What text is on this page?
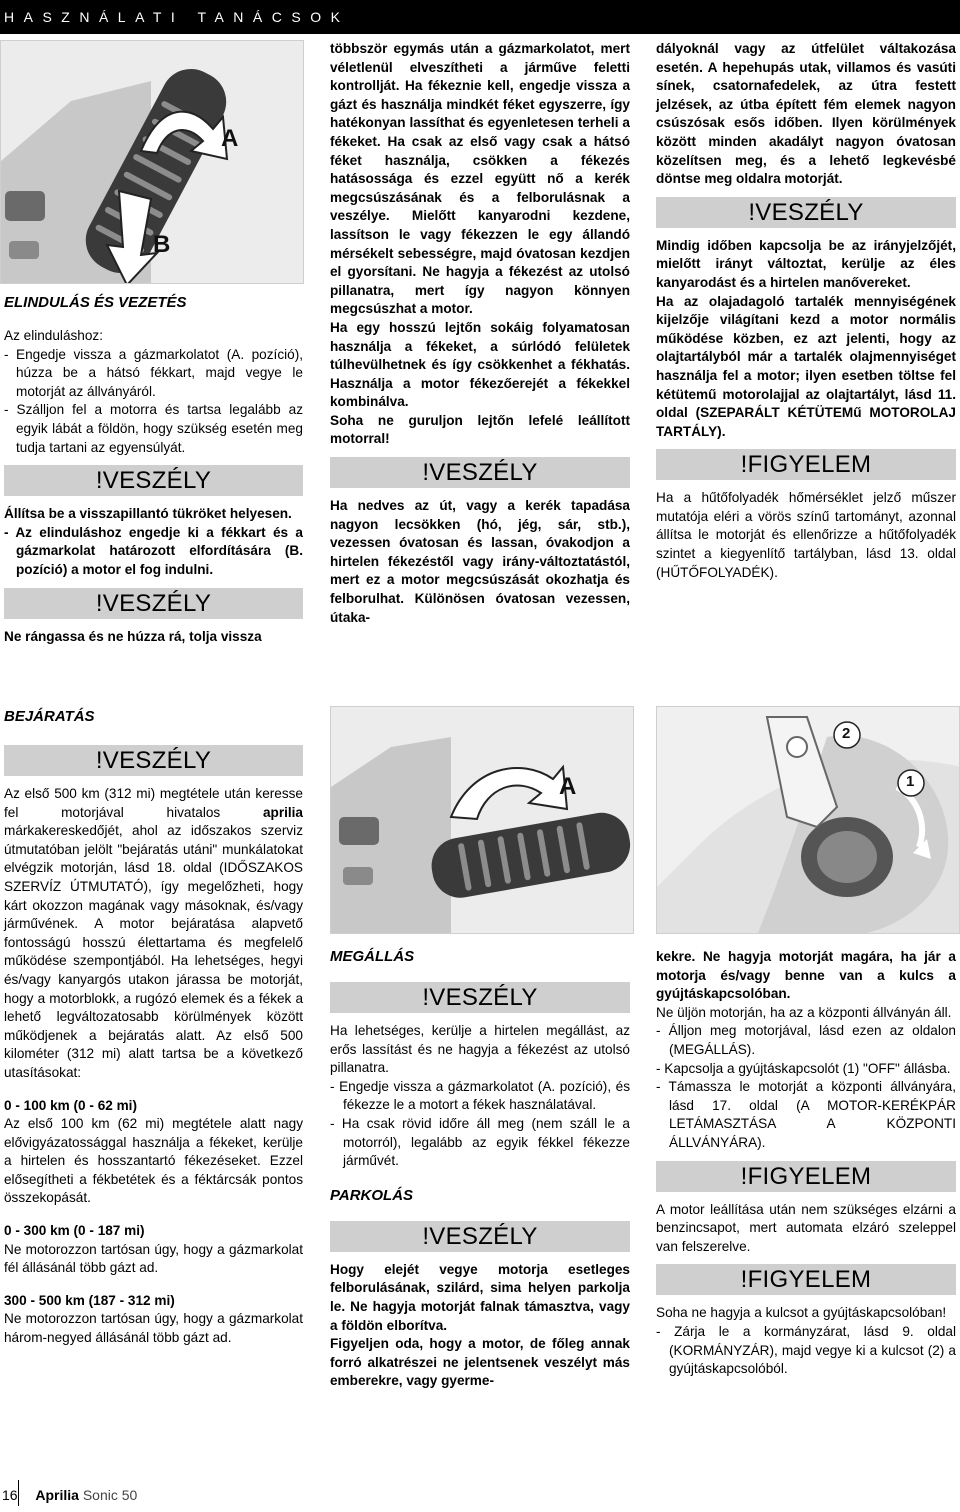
HASZNÁLATI TANÁCSOK
A
B

ELINDULÁS ÉS VEZETÉS

Az elinduláshoz:

- Engedje vissza a gázmarkolatot (A. pozíció), húzza be a hátsó fékkart, majd vegye le motorját az állványáról.

- Szálljon fel a motorra és tartsa legalább az egyik lábát a földön, hogy szükség esetén meg tudja tartani az egyensúlyát.

!VESZÉLY

Állítsa be a visszapillantó tükröket helyesen.

- Az elinduláshoz engedje ki a fékkart és a gázmarkolat határozott elfordítására (B. pozíció) a motor el fog indulni.

!VESZÉLY

Ne rángassa és ne húzza rá, tolja vissza

többször egymás után a gázmarkolatot, mert véletlenül elveszítheti a járműve feletti kontrollját. Ha fékeznie kell, engedje vissza a gázt és használja mindkét féket egyszerre, így hatékonyan lassíthat és egyenletesen terheli a fékeket. Ha csak az első vagy csak a hátsó féket használja, csökken a fékezés hatásossága és ezzel együtt nő a kerék megcsúszásának és a felborulásnak a veszélye. Mielőtt kanyarodni kezdene, lassítson le vagy fékezzen le egy állandó mérsékelt sebességre, majd óvatosan kezdjen el gyorsítani. Ne hagyja a fékezést az utolsó pillanatra, mert így nagyon könnyen megcsúszhat a motor.

Ha egy hosszú lejtőn sokáig folyamatosan használja a fékeket, a súrlódó felületek túlhevülhetnek és így csökkenhet a fékhatás. Használja a motor fékezőerejét a fékekkel kombinálva.

Soha ne guruljon lejtőn lefelé leállított motorral!

!VESZÉLY

Ha nedves az út, vagy a kerék tapadása nagyon lecsökken (hó, jég, sár, stb.), vezessen óvatosan és lassan, óvakodjon a hirtelen fékezéstől vagy irány-változtatástól, mert ez a motor megcsúszását okozhatja és felborulhat. Különösen óvatosan vezessen, útaka-

dályoknál vagy az útfelület váltakozása esetén. A hepehupás utak, villamos és vasúti sínek, csatornafedelek, az útra festett jelzések, az útba épített fém elemek nagyon csúszósak esős időben. Ilyen körülmények között minden akadályt nagyon óvatosan közelítsen meg, és a lehető legkevésbé döntse meg oldalra motorját.

!VESZÉLY

Mindig időben kapcsolja be az irányjelzőjét, mielőtt irányt változtat, kerülje az éles kanyarodást és a hirtelen manővereket.

Ha az olajadagoló tartalék mennyiségének kijelzője világítani kezd a motor normális működése közben, ez azt jelenti, hogy az olajtartályból már a tartalék olajmennyiséget használja fel a motor; ilyen esetben töltse fel kétütemű motorolajjal az olajtartályt, lásd 11. oldal (SZEPARÁLT KÉTÜTEMű MOTOROLAJ TARTÁLY).

!FIGYELEM

Ha a hűtőfolyadék hőmérséklet jelző műszer mutatója eléri a vörös színű tartományt, azonnal állítsa le motorját és ellenőrizze a hűtőfolyadék szintet a kiegyenlítő tartályban, lásd 13. oldal (HŰTŐFOLYADÉK).

BEJÁRATÁS
!VESZÉLY

Az első 500 km (312 mi) megtétele után keresse fel motorjával hivatalos aprilia márkakereskedőjét, ahol az időszakos szerviz útmutatóban jelölt "bejáratás utáni" munkálatokat elvégzik motorján, lásd 18. oldal (IDŐSZAKOS SZERVÍZ ÚTMUTATÓ), így megelőzheti, hogy kárt okozzon magának vagy másoknak, és/vagy járművének. A motor bejáratása alapvető fontosságú hosszú élettartama és megfelelő működése szempontjából. Ha lehetséges, hegyi és/vagy kanyargós utakon járassa be motorját, hogy a motorblokk, a rugózó elemek és a fékek a lehető legváltozatosabb körülmények között működjenek a bejáratás alatt. Az első 500 kilométer (312 mi) alatt tartsa be a következő utasításokat:

0 - 100 km (0 - 62 mi)

Az első 100 km (62 mi) megtétele alatt nagy elővigyázatossággal használja a fékeket, kerülje a hirtelen és hosszantartó fékezéseket. Ezzel elősegítheti a fékbetétek és a féktárcsák pontos összekopását.

0 - 300 km (0 - 187 mi)

Ne motorozzon tartósan úgy, hogy a gázmarkolat fél állásánál több gázt ad.

300 - 500 km (187 - 312 mi)

Ne motorozzon tartósan úgy, hogy a gázmarkolat három-negyed állásánál több gázt ad.

A	1
2

MEGÁLLÁS

!VESZÉLY

Ha lehetséges, kerülje a hirtelen megállást, az erős lassítást és ne hagyja a fékezést az utolsó pillanatra.

- Engedje vissza a gázmarkolatot (A. pozíció), és fékezze le a motort a fékek használatával.

- Ha csak rövid időre áll meg (nem száll le a motorról), legalább az egyik fékkel fékezze járművét.

PARKOLÁS

!VESZÉLY

Hogy elejét vegye motorja esetleges felborulásának, szilárd, sima helyen parkolja le. Ne hagyja motorját falnak támasztva, vagy a földön elborítva.

Figyeljen oda, hogy a motor, de főleg annak forró alkatrészei ne jelentsenek veszélyt más emberekre, vagy gyerme-

kekre. Ne hagyja motorját magára, ha jár a motorja és/vagy benne van a kulcs a gyújtáskapcsolóban.

Ne üljön motorján, ha az a központi állványán áll.

- Álljon meg motorjával, lásd ezen az oldalon (MEGÁLLÁS).

- Kapcsolja a gyújtáskapcsolót (1) "OFF" állásba.

- Támassza le motorját a központi állványára, lásd 17. oldal (A MOTOR-KERÉKPÁR LETÁMASZTÁSA A KÖZPONTI ÁLLVÁNYÁRA).

!FIGYELEM

A motor leállítása után nem szükséges elzárni a benzincsapot, mert automata elzáró szeleppel van felszerelve.

!FIGYELEM

Soha ne hagyja a kulcsot a gyújtáskapcsolóban!

- Zárja le a kormányzárat, lásd 9. oldal (KORMÁNYZÁR), majd vegye ki a kulcsot (2) a gyújtáskapcsolóból.

16 Aprilia Sonic 50
